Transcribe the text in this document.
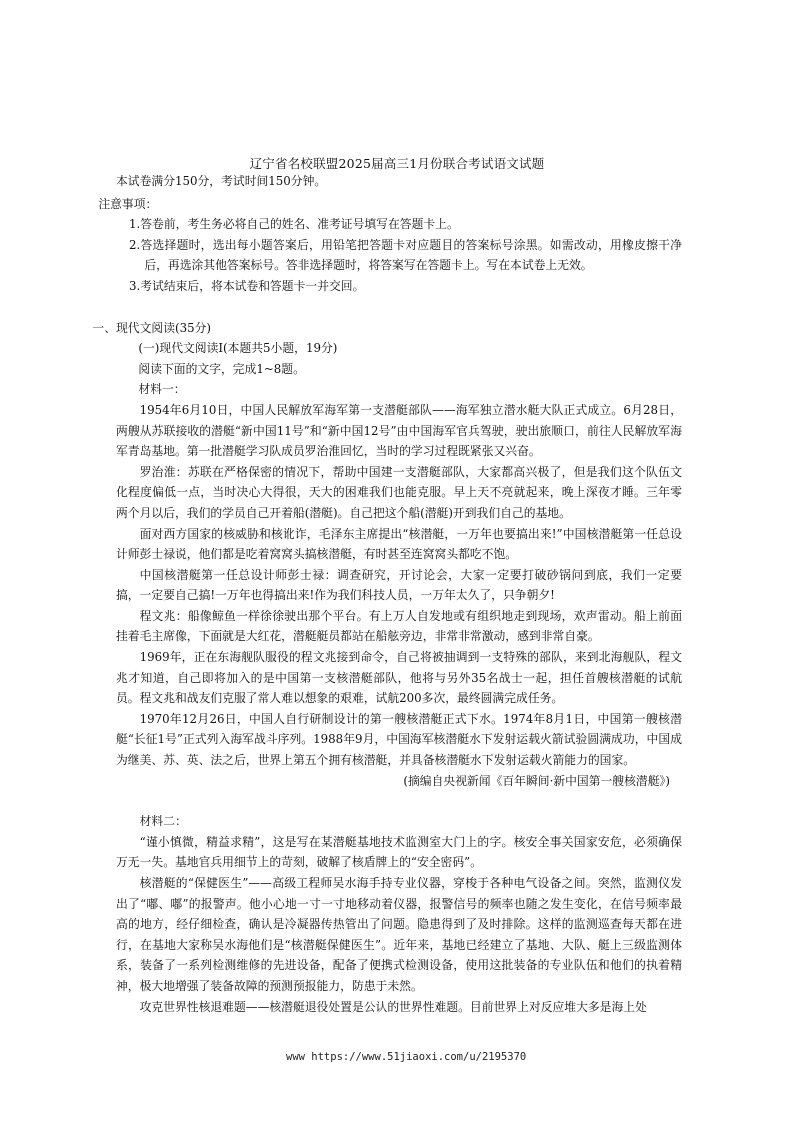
辽宁省名校联盟2025届高三1月份联合考试语文试题

本试卷满分150分，考试时间150分钟。

注意事项：

1.答卷前，考生务必将自己的姓名、准考证号填写在答题卡上。

2.答选择题时，选出每小题答案后，用铅笔把答题卡对应题目的答案标号涂黑。如需改动，用橡皮擦干净后，再选涂其他答案标号。答非选择题时，将答案写在答题卡上。写在本试卷上无效。

3.考试结束后，将本试卷和答题卡一并交回。

一、现代文阅读(35分)

(一)现代文阅读Ⅰ(本题共5小题，19分)

阅读下面的文字，完成1~8题。

材料一：

1954年6月10日，中国人民解放军海军第一支潜艇部队——海军独立潜水艇大队正式成立。6月28日，两艘从苏联接收的潜艇“新中国11号”和“新中国12号”由中国海军官兵驾驶，驶出旅顺口，前往人民解放军海军青岛基地。第一批潜艇学习队成员罗治淮回忆，当时的学习过程既紧张又兴奋。

罗治淮：苏联在严格保密的情况下，帮助中国建一支潜艇部队，大家都高兴极了，但是我们这个队伍文化程度偏低一点，当时决心大得很，天大的困难我们也能克服。早上天不亮就起来，晚上深夜才睡。三年零两个月以后，我们的学员自己开着船(潜艇)。自己把这个船(潜艇)开到我们自己的基地。

面对西方国家的核威胁和核讹诈，毛泽东主席提出“核潜艇，一万年也要搞出来!”中国核潜艇第一任总设计师彭士禄说，他们都是吃着窝窝头搞核潜艇，有时甚至连窝窝头都吃不饱。

中国核潜艇第一任总设计师彭士禄：调查研究，开讨论会，大家一定要打破砂锅问到底，我们一定要搞，一定要自己搞!一万年也得搞出来!作为我们科技人员，一万年太久了，只争朝夕!

程文兆：船像鲸鱼一样徐徐驶出那个平台。有上万人自发地或有组织地走到现场，欢声雷动。船上前面挂着毛主席像，下面就是大红花，潜艇艇员都站在船舷旁边，非常非常激动，感到非常自豪。

1969年，正在东海舰队服役的程文兆接到命令，自己将被抽调到一支特殊的部队，来到北海舰队，程文兆才知道，自己即将加入的是中国第一支核潜艇部队，他将与另外35名战士一起，担任首艘核潜艇的试航员。程文兆和战友们克服了常人难以想象的艰难，试航200多次，最终圆满完成任务。

1970年12月26日，中国人自行研制设计的第一艘核潜艇正式下水。1974年8月1日，中国第一艘核潜艇“长征1号”正式列入海军战斗序列。1988年9月，中国海军核潜艇水下发射运载火箭试验圆满成功，中国成为继美、苏、英、法之后，世界上第五个拥有核潜艇，并具备核潜艇水下发射运载火箭能力的国家。

(摘编自央视新闻《百年瞬间·新中国第一艘核潜艇》)

材料二：

“谨小慎微，精益求精”，这是写在某潜艇基地技术监测室大门上的字。核安全事关国家安危，必须确保万无一失。基地官兵用细节上的苛刻，破解了核盾牌上的“安全密码”。

核潜艇的“保健医生”——高级工程师吴水海手持专业仪器，穿梭于各种电气设备之间。突然，监测仪发出了“嘟、嘟”的报警声。他小心地一寸一寸地移动着仪器，报警信号的频率也随之发生变化，在信号频率最高的地方，经仔细检查，确认是冷凝器传热管出了问题。隐患得到了及时排除。这样的监测巡查每天都在进行，在基地大家称吴水海他们是“核潜艇保健医生”。近年来，基地已经建立了基地、大队、艇上三级监测体系，装备了一系列检测维修的先进设备，配备了便携式检测设备，使用这批装备的专业队伍和他们的执着精神，极大地增强了装备故障的预测预报能力，防患于未然。

攻克世界性核退难题——核潜艇退役处置是公认的世界性难题。目前世界上对反应堆大多是海上处

www https://www.51jiaoxi.com/u/2195370
